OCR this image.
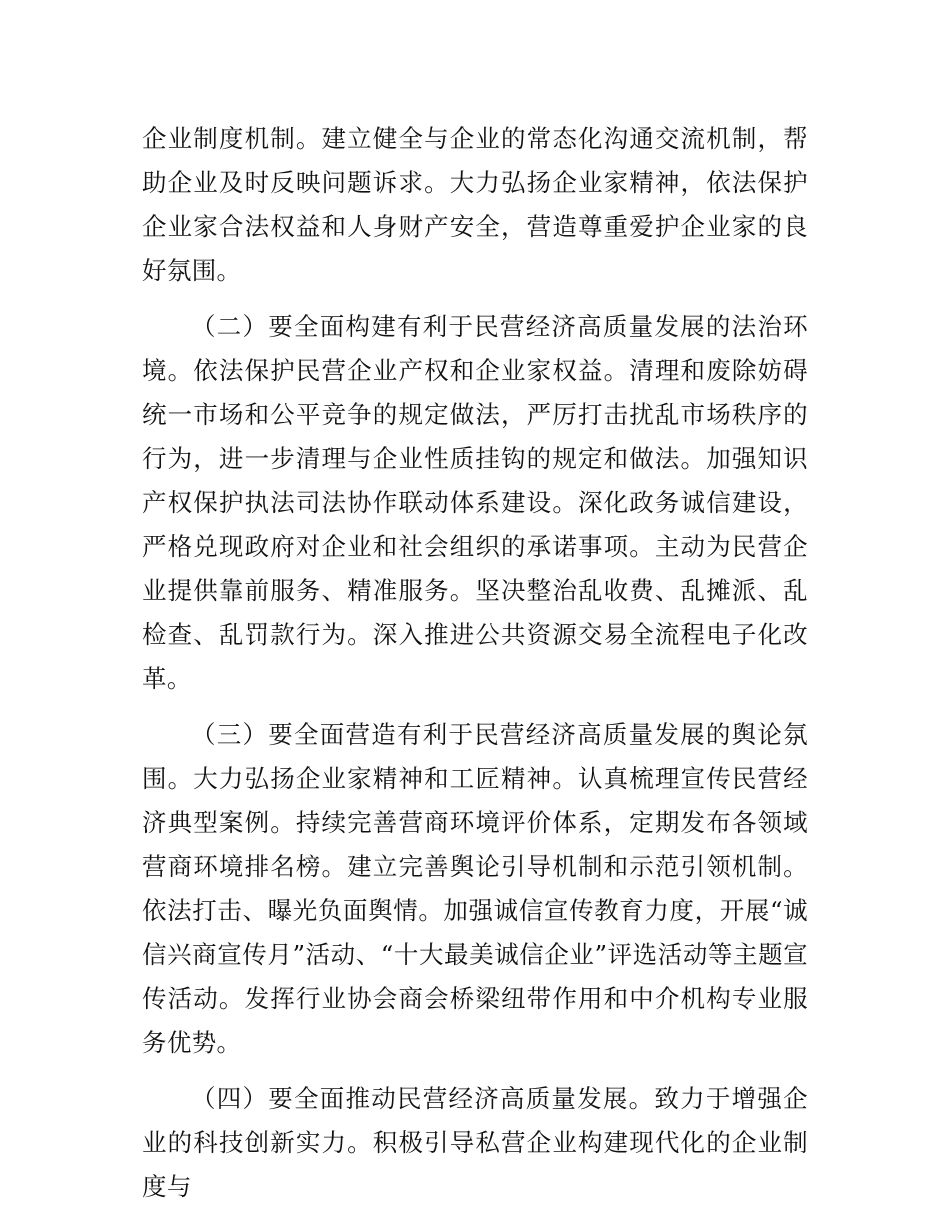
企业制度机制。建立健全与企业的常态化沟通交流机制，帮助企业及时反映问题诉求。大力弘扬企业家精神，依法保护企业家合法权益和人身财产安全，营造尊重爱护企业家的良好氛围。

（二）要全面构建有利于民营经济高质量发展的法治环境。依法保护民营企业产权和企业家权益。清理和废除妨碍统一市场和公平竞争的规定做法，严厉打击扰乱市场秩序的行为，进一步清理与企业性质挂钩的规定和做法。加强知识产权保护执法司法协作联动体系建设。深化政务诚信建设，严格兑现政府对企业和社会组织的承诺事项。主动为民营企业提供靠前服务、精准服务。坚决整治乱收费、乱摊派、乱检查、乱罚款行为。深入推进公共资源交易全流程电子化改革。

（三）要全面营造有利于民营经济高质量发展的舆论氛围。大力弘扬企业家精神和工匠精神。认真梳理宣传民营经济典型案例。持续完善营商环境评价体系，定期发布各领域营商环境排名榜。建立完善舆论引导机制和示范引领机制。依法打击、曝光负面舆情。加强诚信宣传教育力度，开展“诚信兴商宣传月”活动、“十大最美诚信企业”评选活动等主题宣传活动。发挥行业协会商会桥梁纽带作用和中介机构专业服务优势。

（四）要全面推动民营经济高质量发展。致力于增强企业的科技创新实力。积极引导私营企业构建现代化的企业制度与
